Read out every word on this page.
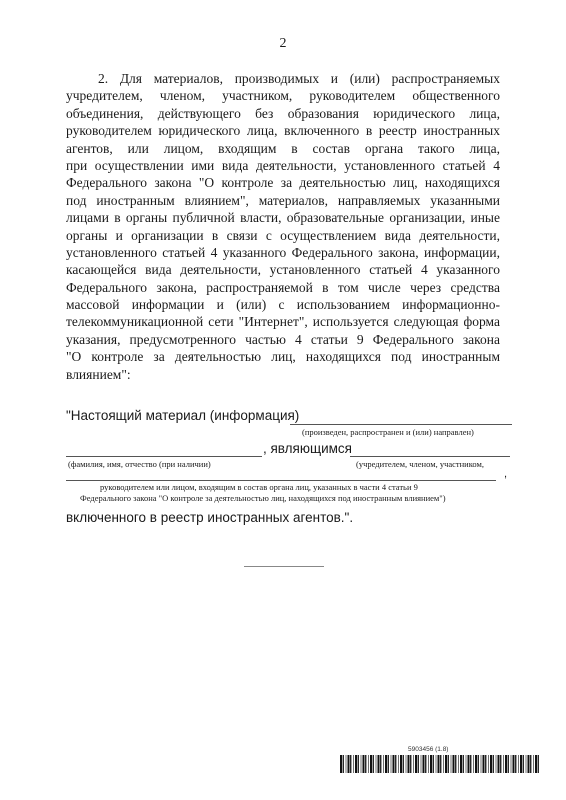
2
2. Для материалов, производимых и (или) распространяемых
учредителем, членом, участником, руководителем общественного
объединения, действующего без образования юридического лица,
руководителем юридического лица, включенного в реестр иностранных
агентов, или лицом, входящим в состав органа такого лица,
при осуществлении ими вида деятельности, установленного статьей 4
Федерального закона "О контроле за деятельностью лиц, находящихся
под иностранным влиянием", материалов, направляемых указанными
лицами в органы публичной власти, образовательные организации, иные
органы и организации в связи с осуществлением вида деятельности,
установленного статьей 4 указанного Федерального закона, информации,
касающейся вида деятельности, установленного статьей 4 указанного
Федерального закона, распространяемой в том числе через средства
массовой информации и (или) с использованием информационно-
телекоммуникационной сети "Интернет", используется следующая форма
указания, предусмотренного частью 4 статьи 9 Федерального закона
"О контроле за деятельностью лиц, находящихся под иностранным
влиянием":
"Настоящий материал (информация)
(произведен, распространен и (или) направлен)
, являющимся
(фамилия, имя, отчество (при наличии)	(учредителем, членом, участником,
,
руководителем или лицом, входящим в состав органа лиц, указанных в части 4 статьи 9
Федерального закона "О контроле за деятельностью лиц, находящихся под иностранным влиянием")
включенного в реестр иностранных агентов.".
5903456 (1.8)
